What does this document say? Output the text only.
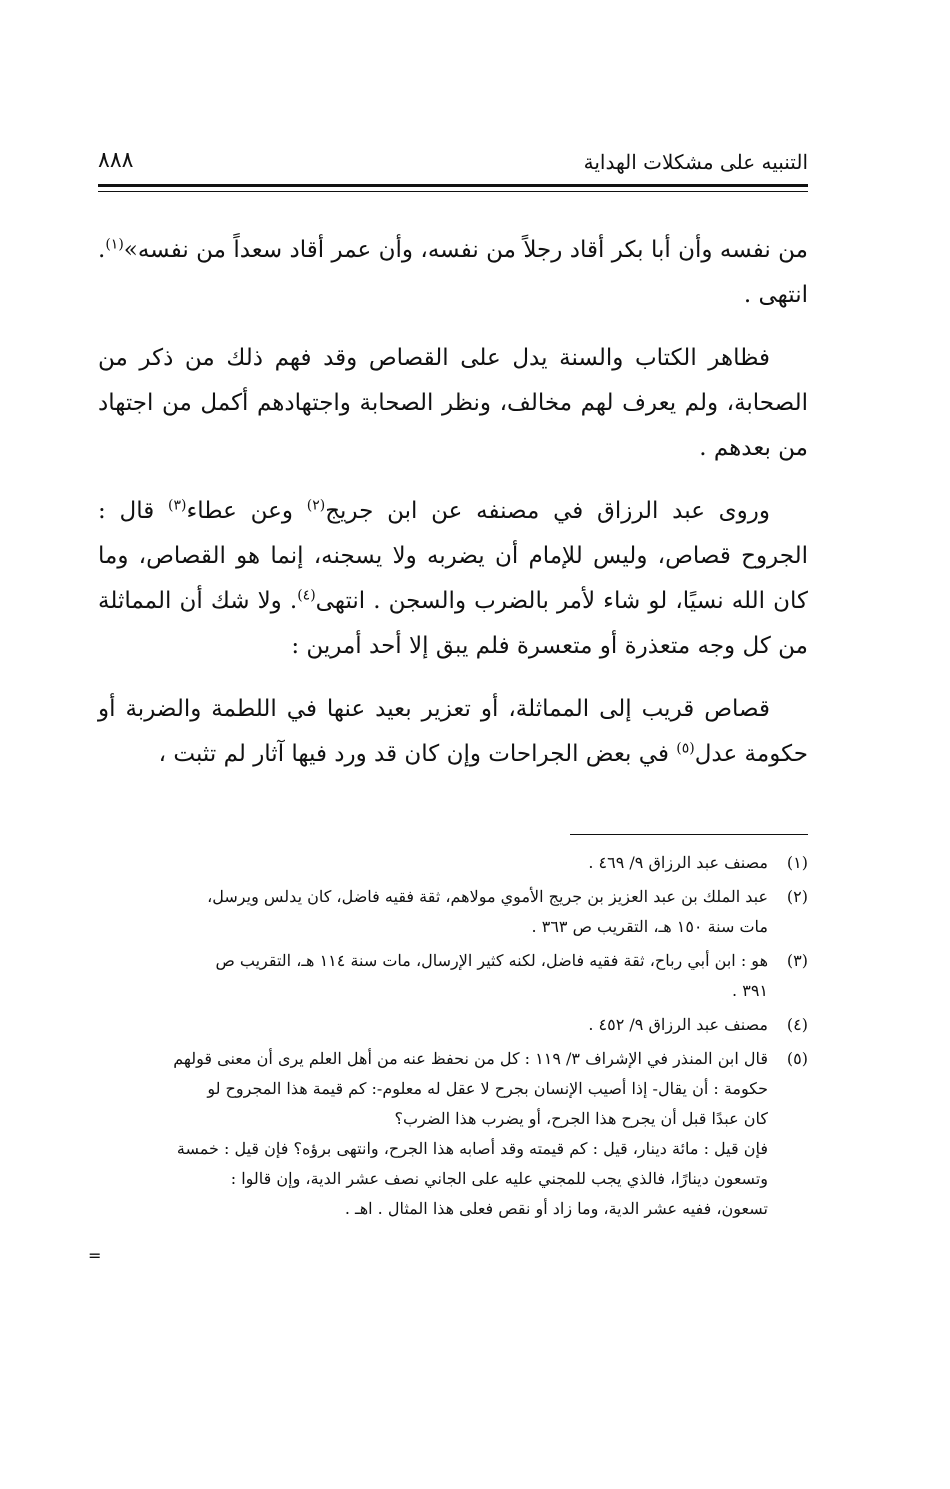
التنبيه على مشكلات الهداية
٨٨٨

من نفسه وأن أبا بكر أقاد رجلاً من نفسه، وأن عمر أقاد سعداً من نفسه»$^{(١)}$. انتهى .

فظاهر الكتاب والسنة يدل على القصاص وقد فهم ذلك من ذكر من الصحابة، ولم يعرف لهم مخالف، ونظر الصحابة واجتهادهم أكمل من اجتهاد من بعدهم .

وروى عبد الرزاق في مصنفه عن ابن جريج$^{(٢)}$ وعن عطاء$^{(٣)}$ قال : الجروح قصاص، وليس للإمام أن يضربه ولا يسجنه، إنما هو القصاص، وما كان الله نسيًا، لو شاء لأمر بالضرب والسجن . انتهى$^{(٤)}$. ولا شك أن المماثلة من كل وجه متعذرة أو متعسرة فلم يبق إلا أحد أمرين :

قصاص قريب إلى المماثلة، أو تعزير بعيد عنها في اللطمة والضربة أو حكومة عدل$^{(٥)}$ في بعض الجراحات وإن كان قد ورد فيها آثار لم تثبت ،

(١)
مصنف عبد الرزاق ٩/ ٤٦٩ .
(٢)
عبد الملك بن عبد العزيز بن جريج الأموي مولاهم، ثقة فقيه فاضل، كان يدلس ويرسل،
مات سنة ١٥٠ هـ، التقريب ص ٣٦٣ .
(٣)
هو : ابن أبي رباح، ثقة فقيه فاضل، لكنه كثير الإرسال، مات سنة ١١٤ هـ، التقريب ص
٣٩١ .
(٤)
مصنف عبد الرزاق ٩/ ٤٥٢ .
(٥)
قال ابن المنذر في الإشراف ٣/ ١١٩ : كل من نحفظ عنه من أهل العلم يرى أن معنى قولهم
حكومة : أن يقال- إذا أصيب الإنسان بجرح لا عقل له معلوم-: كم قيمة هذا المجروح لو
كان عبدًا قبل أن يجرح هذا الجرح، أو يضرب هذا الضرب؟
فإن قيل : مائة دينار، قيل : كم قيمته وقد أصابه هذا الجرح، وانتهى برؤه؟ فإن قيل : خمسة
وتسعون دينارًا، فالذي يجب للمجني عليه على الجاني نصف عشر الدية، وإن قالوا :
تسعون، ففيه عشر الدية، وما زاد أو نقص فعلى هذا المثال . اهـ .
=
